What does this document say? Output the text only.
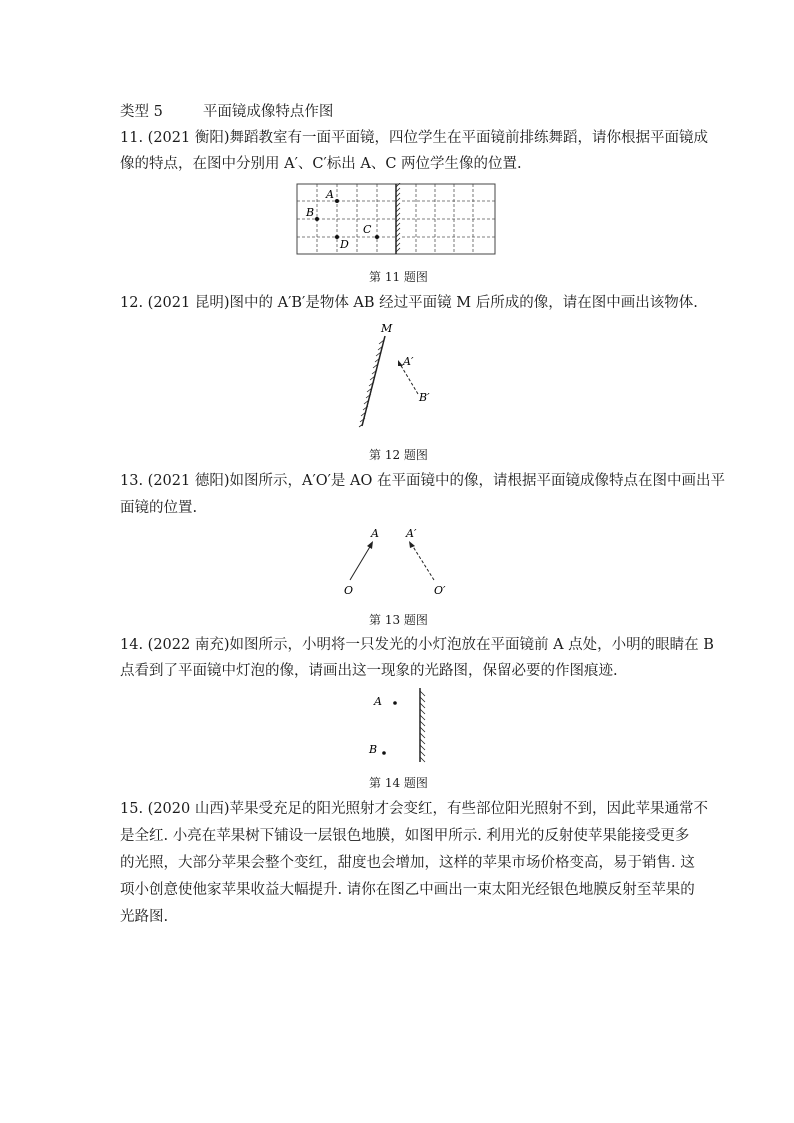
类型 5	平面镜成像特点作图
11. (2021 衡阳)舞蹈教室有一面平面镜，四位学生在平面镜前排练舞蹈，请你根据平面镜成
像的特点，在图中分别用 A′、C′标出 A、C 两位学生像的位置.
A
B
C
D
第 11 题图
12. (2021 昆明)图中的 A′B′是物体 AB 经过平面镜 M 后所成的像，请在图中画出该物体.
M
A′
B′
第 12 题图
13. (2021 德阳)如图所示，A′O′是 AO 在平面镜中的像，请根据平面镜成像特点在图中画出平
面镜的位置.
A
O
A′
O′
第 13 题图
14. (2022 南充)如图所示，小明将一只发光的小灯泡放在平面镜前 A 点处，小明的眼睛在 B
点看到了平面镜中灯泡的像，请画出这一现象的光路图，保留必要的作图痕迹.
A
B
第 14 题图
15. (2020 山西)苹果受充足的阳光照射才会变红，有些部位阳光照射不到，因此苹果通常不
是全红. 小亮在苹果树下铺设一层银色地膜，如图甲所示. 利用光的反射使苹果能接受更多
的光照，大部分苹果会整个变红，甜度也会增加，这样的苹果市场价格变高，易于销售. 这
项小创意使他家苹果收益大幅提升. 请你在图乙中画出一束太阳光经银色地膜反射至苹果的
光路图.
